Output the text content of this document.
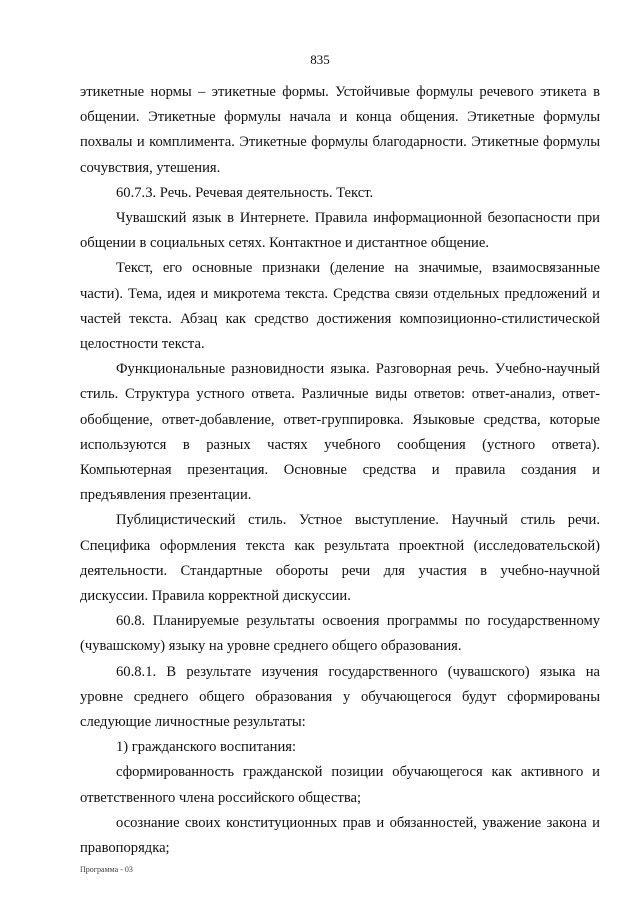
835

этикетные нормы – этикетные формы. Устойчивые формулы речевого этикета в общении. Этикетные формулы начала и конца общения. Этикетные формулы похвалы и комплимента. Этикетные формулы благодарности. Этикетные формулы сочувствия, утешения.

60.7.3. Речь. Речевая деятельность. Текст.

Чувашский язык в Интернете. Правила информационной безопасности при общении в социальных сетях. Контактное и дистантное общение.

Текст, его основные признаки (деление на значимые, взаимосвязанные части). Тема, идея и микротема текста. Средства связи отдельных предложений и частей текста. Абзац как средство достижения композиционно-стилистической целостности текста.

Функциональные разновидности языка. Разговорная речь. Учебно-научный стиль. Структура устного ответа. Различные виды ответов: ответ-анализ, ответ-обобщение, ответ-добавление, ответ-группировка. Языковые средства, которые используются в разных частях учебного сообщения (устного ответа). Компьютерная презентация. Основные средства и правила создания и предъявления презентации.

Публицистический стиль. Устное выступление. Научный стиль речи. Специфика оформления текста как результата проектной (исследовательской) деятельности. Стандартные обороты речи для участия в учебно-научной дискуссии. Правила корректной дискуссии.

60.8. Планируемые результаты освоения программы по государственному (чувашскому) языку на уровне среднего общего образования.

60.8.1. В результате изучения государственного (чувашского) языка на уровне среднего общего образования у обучающегося будут сформированы следующие личностные результаты:

1) гражданского воспитания:

сформированность гражданской позиции обучающегося как активного и ответственного члена российского общества;

осознание своих конституционных прав и обязанностей, уважение закона и правопорядка;

Программа - 03
